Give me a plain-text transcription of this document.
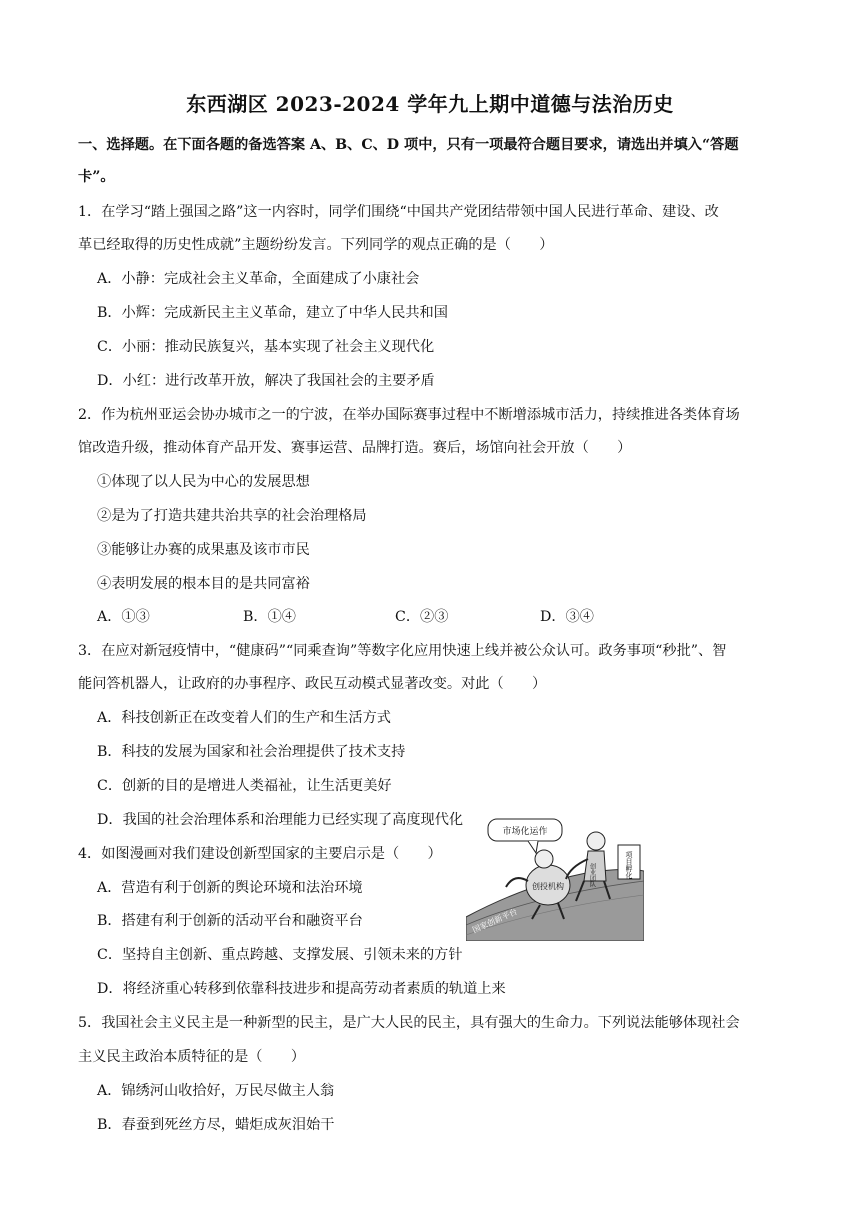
东西湖区 2023-2024 学年九上期中道德与法治历史
一、选择题。在下面各题的备选答案 A、B、C、D 项中，只有一项最符合题目要求，请选出并填入“答题
卡”。
1．在学习“踏上强国之路”这一内容时，同学们围绕“中国共产党团结带领中国人民进行革命、建设、改
革已经取得的历史性成就”主题纷纷发言。下列同学的观点正确的是（　　）
A．小静：完成社会主义革命，全面建成了小康社会
B．小辉：完成新民主主义革命，建立了中华人民共和国
C．小丽：推动民族复兴，基本实现了社会主义现代化
D．小红：进行改革开放，解决了我国社会的主要矛盾
2．作为杭州亚运会协办城市之一的宁波，在举办国际赛事过程中不断增添城市活力，持续推进各类体育场
馆改造升级，推动体育产品开发、赛事运营、品牌打造。赛后，场馆向社会开放（　　）
①体现了以人民为中心的发展思想
②是为了打造共建共治共享的社会治理格局
③能够让办赛的成果惠及该市市民
④表明发展的根本目的是共同富裕
A．①③	B．①④	C．②③	D．③④
3．在应对新冠疫情中，“健康码”“同乘查询”等数字化应用快速上线并被公众认可。政务事项“秒批”、智
能问答机器人，让政府的办事程序、政民互动模式显著改变。对此（　　）
A．科技创新正在改变着人们的生产和生活方式
B．科技的发展为国家和社会治理提供了技术支持
C．创新的目的是增进人类福祉，让生活更美好
D．我国的社会治理体系和治理能力已经实现了高度现代化
4．如图漫画对我们建设创新型国家的主要启示是（　　）
A．营造有利于创新的舆论环境和法治环境
B．搭建有利于创新的活动平台和融资平台
C．坚持自主创新、重点跨越、支撑发展、引领未来的方针
D．将经济重心转移到依靠科技进步和提高劳动者素质的轨道上来
国家创新平台
市场化运作
创投机构	创业团队	项目孵化
5．我国社会主义民主是一种新型的民主，是广大人民的民主，具有强大的生命力。下列说法能够体现社会
主义民主政治本质特征的是（　　）
A．锦绣河山收拾好，万民尽做主人翁
B．春蚕到死丝方尽，蜡炬成灰泪始干
